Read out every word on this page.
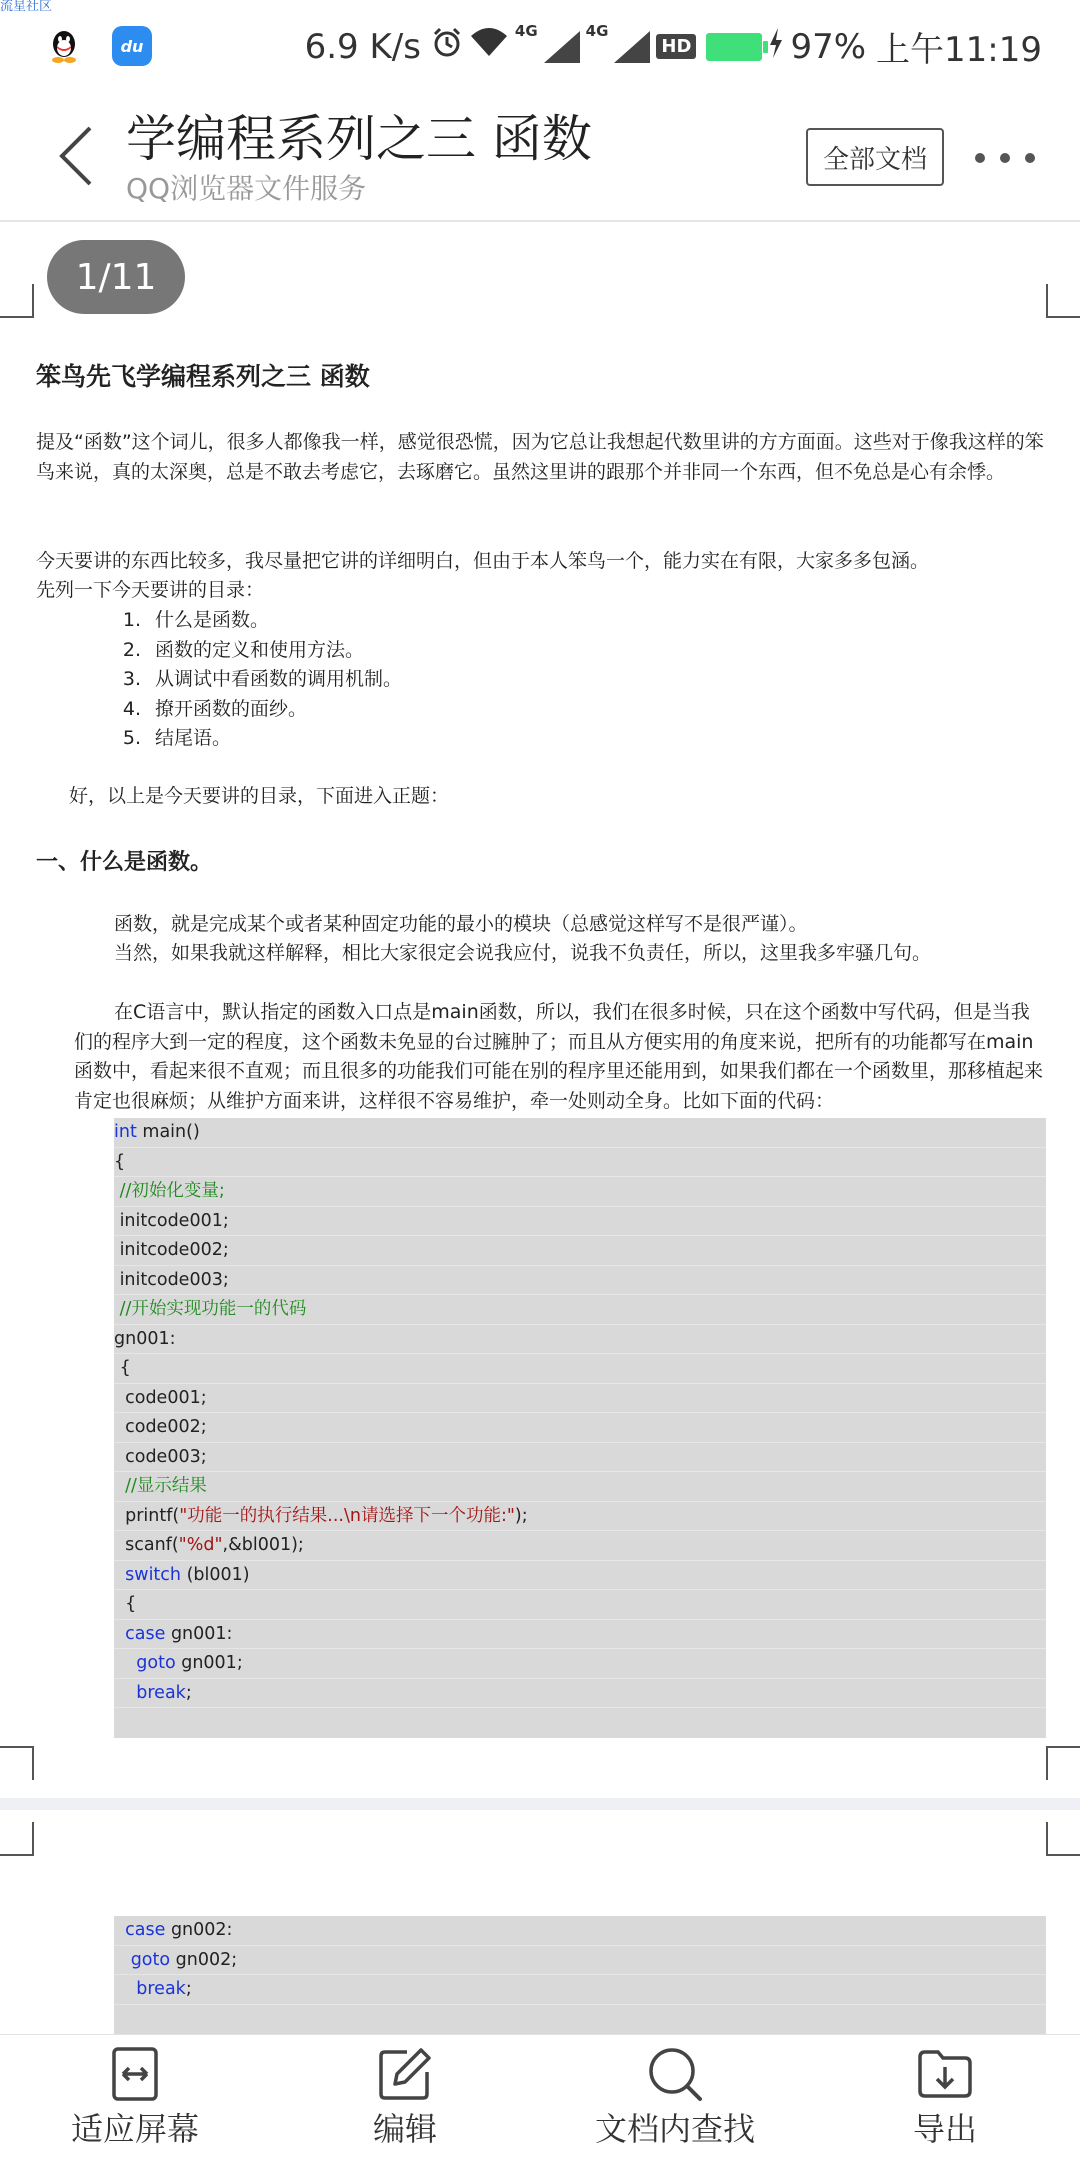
流星社区
du	6.9 K/s	4G	4G
HD	97% 上午11:19
学编程系列之三 函数
QQ浏览器文件服务
全部文档
1/11
笨鸟先飞学编程系列之三 函数
提及“函数”这个词儿，很多人都像我一样，感觉很恐慌，因为它总让我想起代数里讲的方方面面。这些对于像我这样的笨鸟来说，真的太深奥，总是不敢去考虑它，去琢磨它。虽然这里讲的跟那个并非同一个东西，但不免总是心有余悸。
今天要讲的东西比较多，我尽量把它讲的详细明白，但由于本人笨鸟一个，能力实在有限，大家多多包涵。
先列一下今天要讲的目录：
1. 什么是函数。
2. 函数的定义和使用方法。
3. 从调试中看函数的调用机制。
4. 撩开函数的面纱。
5. 结尾语。
好，以上是今天要讲的目录，下面进入正题：
一、什么是函数。
函数，就是完成某个或者某种固定功能的最小的模块（总感觉这样写不是很严谨）。
当然，如果我就这样解释，相比大家很定会说我应付，说我不负责任，所以，这里我多牢骚几句。
在C语言中，默认指定的函数入口点是main函数，所以，我们在很多时候，只在这个函数中写代码，但是当我们的程序大到一定的程度，这个函数未免显的台过臃肿了；而且从方便实用的角度来说，把所有的功能都写在main函数中，看起来很不直观；而且很多的功能我们可能在别的程序里还能用到，如果我们都在一个函数里，那移植起来肯定也很麻烦；从维护方面来讲，这样很不容易维护，牵一处则动全身。比如下面的代码：
int main()
{
//初始化变量;
initcode001;
initcode002;
initcode003;
//开始实现功能一的代码
gn001:
{
code001;
code002;
code003;
//显示结果
printf("功能一的执行结果...\n请选择下一个功能:");
scanf("%d",&bl001);
switch (bl001)
{
case gn001:
goto gn001;
break;
case gn002:
goto gn002;
break;
适应屏幕	编辑	文档内查找	导出
